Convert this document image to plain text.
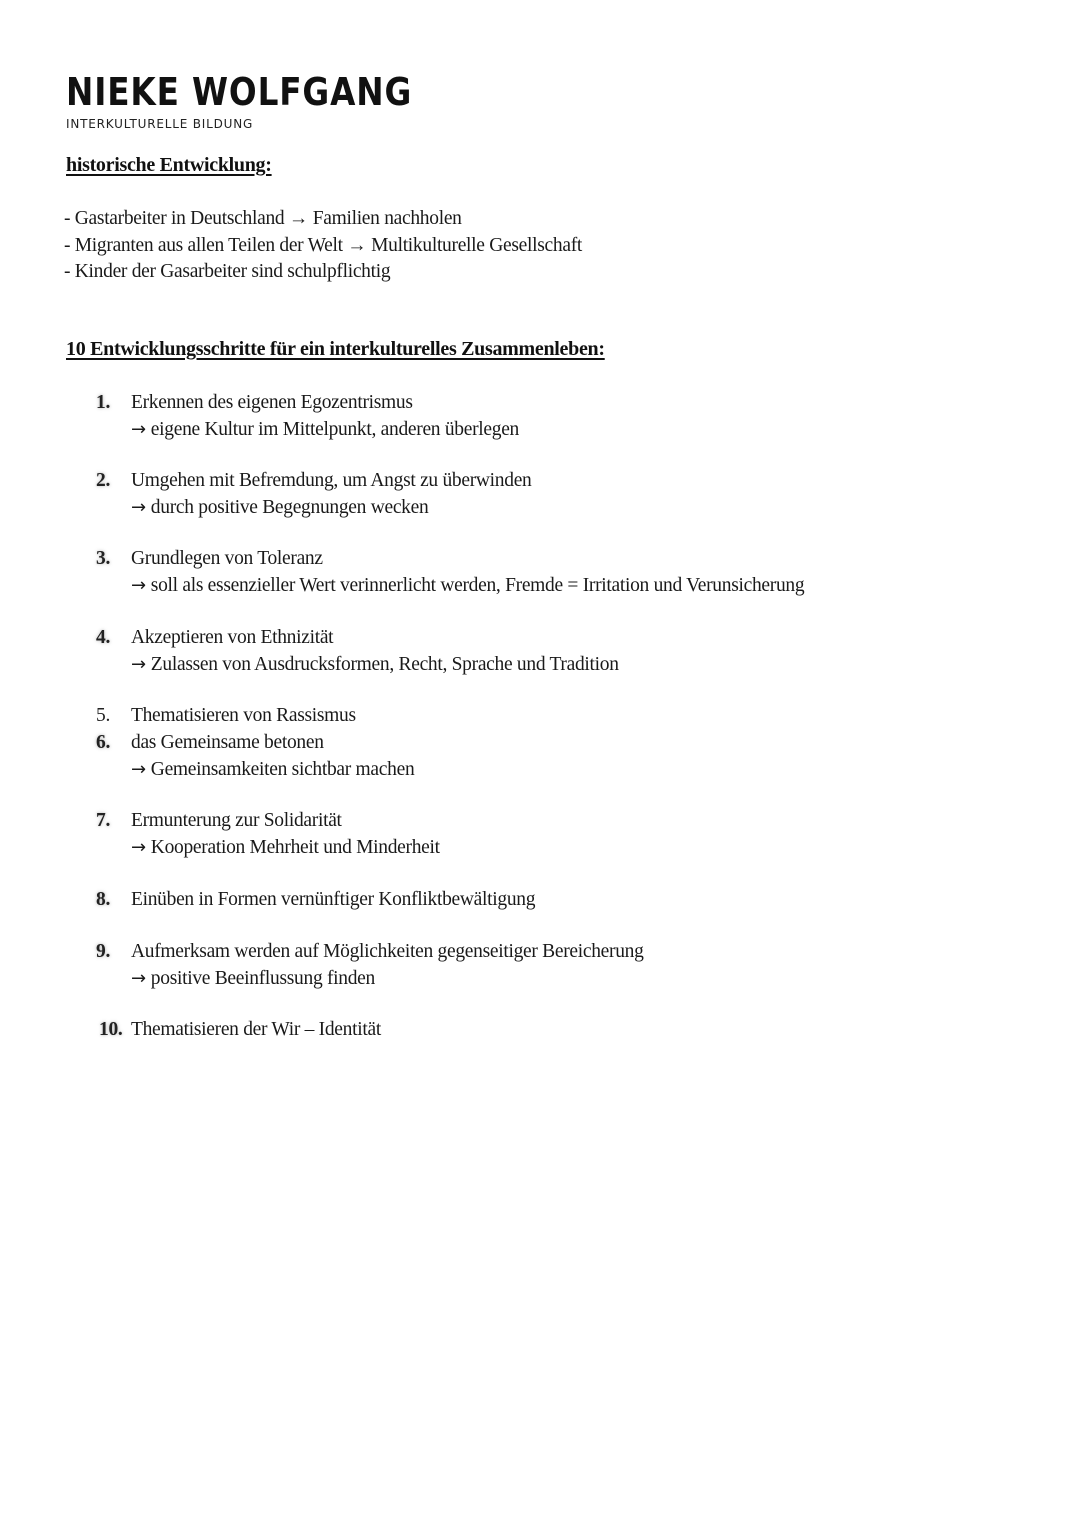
NIEKE WOLFGANG
INTERKULTURELLE BILDUNG
historische Entwicklung:
- Gastarbeiter in Deutschland → Familien nachholen
- Migranten aus allen Teilen der Welt → Multikulturelle Gesellschaft
- Kinder der Gasarbeiter sind schulpflichtig
10 Entwicklungsschritte für ein interkulturelles Zusammenleben:
1.	Erkennen des eigenen Egozentrismus
→ eigene Kultur im Mittelpunkt, anderen überlegen
2.	Umgehen mit Befremdung, um Angst zu überwinden
→ durch positive Begegnungen wecken
3.	Grundlegen von Toleranz
→ soll als essenzieller Wert verinnerlicht werden, Fremde = Irritation und Verunsicherung
4.	Akzeptieren von Ethnizität
→ Zulassen von Ausdrucksformen, Recht, Sprache und Tradition
5.	Thematisieren von Rassismus
6.	das Gemeinsame betonen
→ Gemeinsamkeiten sichtbar machen
7.	Ermunterung zur Solidarität
→ Kooperation Mehrheit und Minderheit
8.	Einüben in Formen vernünftiger Konfliktbewältigung
9.	Aufmerksam werden auf Möglichkeiten gegenseitiger Bereicherung
→ positive Beeinflussung finden
10. Thematisieren der Wir – Identität
